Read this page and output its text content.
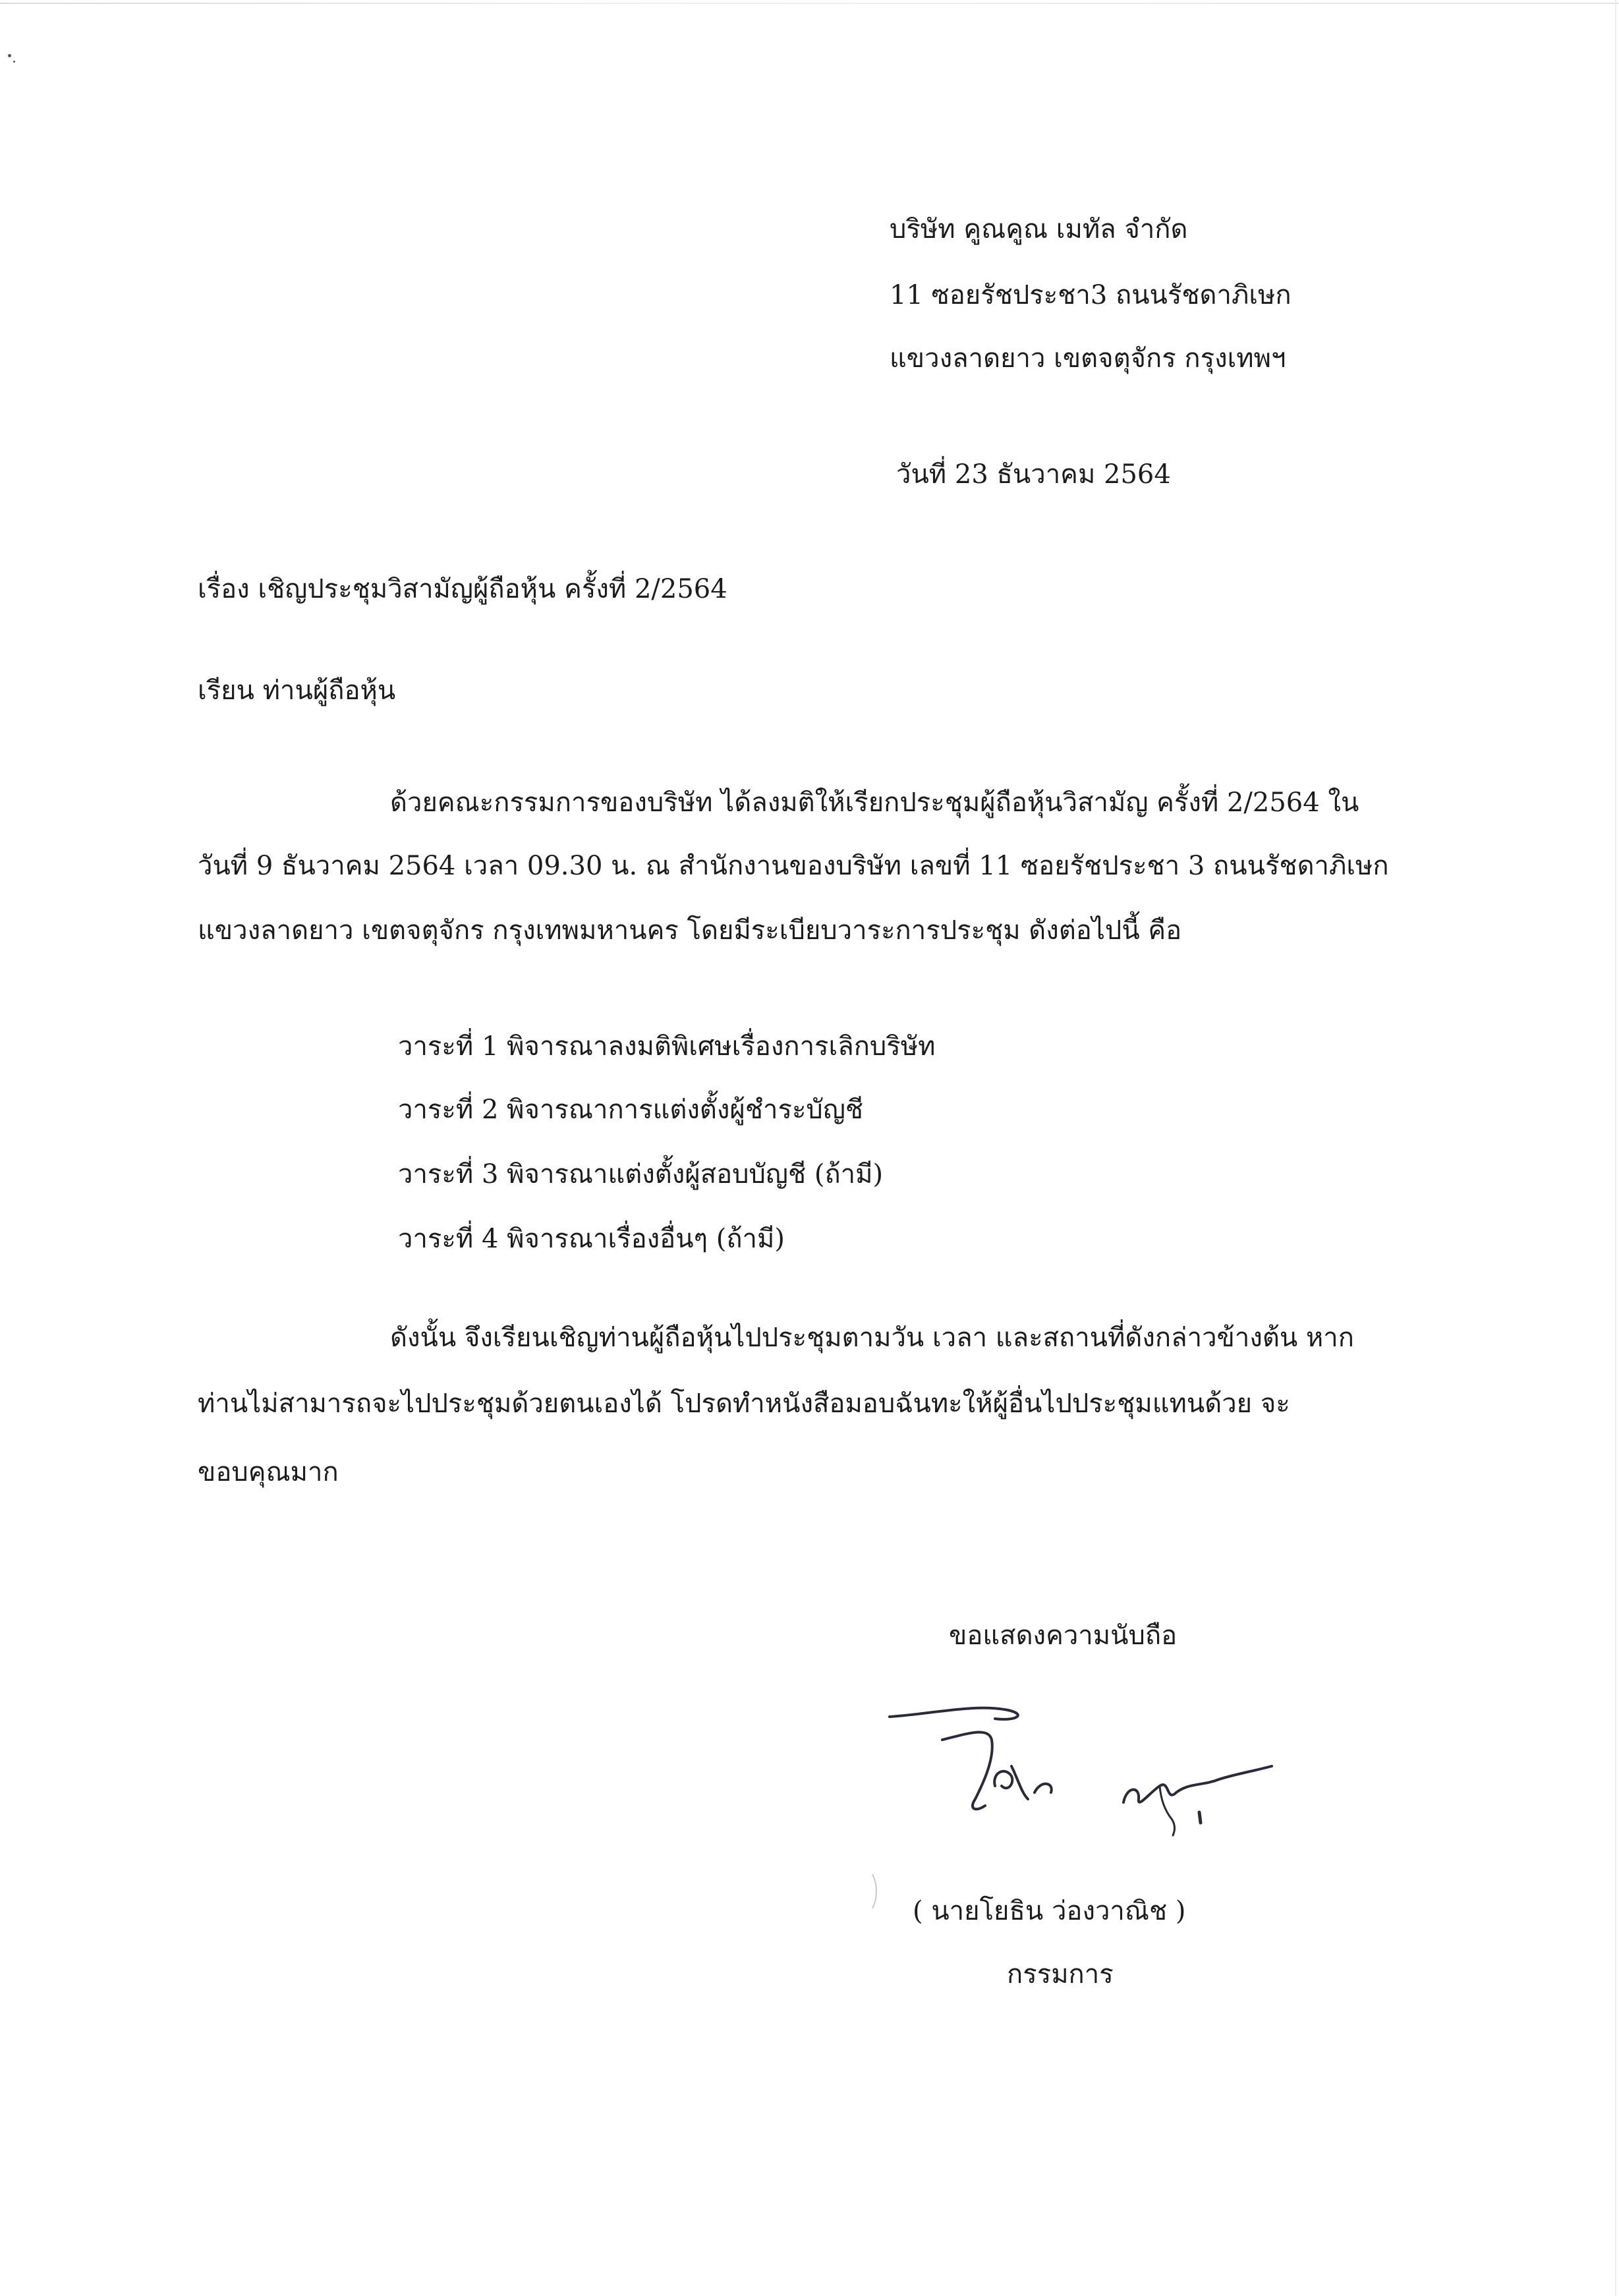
บริษัท คูณคูณ เมทัล จำกัด
11 ซอยรัชประชา3 ถนนรัชดาภิเษก
แขวงลาดยาว เขตจตุจักร กรุงเทพฯ
วันที่ 23 ธันวาคม 2564
เรื่อง เชิญประชุมวิสามัญผู้ถือหุ้น ครั้งที่ 2/2564
เรียน ท่านผู้ถือหุ้น
ด้วยคณะกรรมการของบริษัท ได้ลงมติให้เรียกประชุมผู้ถือหุ้นวิสามัญ ครั้งที่ 2/2564 ใน
วันที่ 9 ธันวาคม 2564 เวลา 09.30 น. ณ สำนักงานของบริษัท เลขที่ 11 ซอยรัชประชา 3 ถนนรัชดาภิเษก
แขวงลาดยาว เขตจตุจักร กรุงเทพมหานคร โดยมีระเบียบวาระการประชุม ดังต่อไปนี้ คือ
วาระที่ 1 พิจารณาลงมติพิเศษเรื่องการเลิกบริษัท
วาระที่ 2 พิจารณาการแต่งตั้งผู้ชำระบัญชี
วาระที่ 3 พิจารณาแต่งตั้งผู้สอบบัญชี (ถ้ามี)
วาระที่ 4 พิจารณาเรื่องอื่นๆ (ถ้ามี)
ดังนั้น จึงเรียนเชิญท่านผู้ถือหุ้นไปประชุมตามวัน เวลา และสถานที่ดังกล่าวข้างต้น หาก
ท่านไม่สามารถจะไปประชุมด้วยตนเองได้ โปรดทำหนังสือมอบฉันทะให้ผู้อื่นไปประชุมแทนด้วย จะ
ขอบคุณมาก
ขอแสดงความนับถือ
( นายโยธิน ว่องวาณิช )
กรรมการ
